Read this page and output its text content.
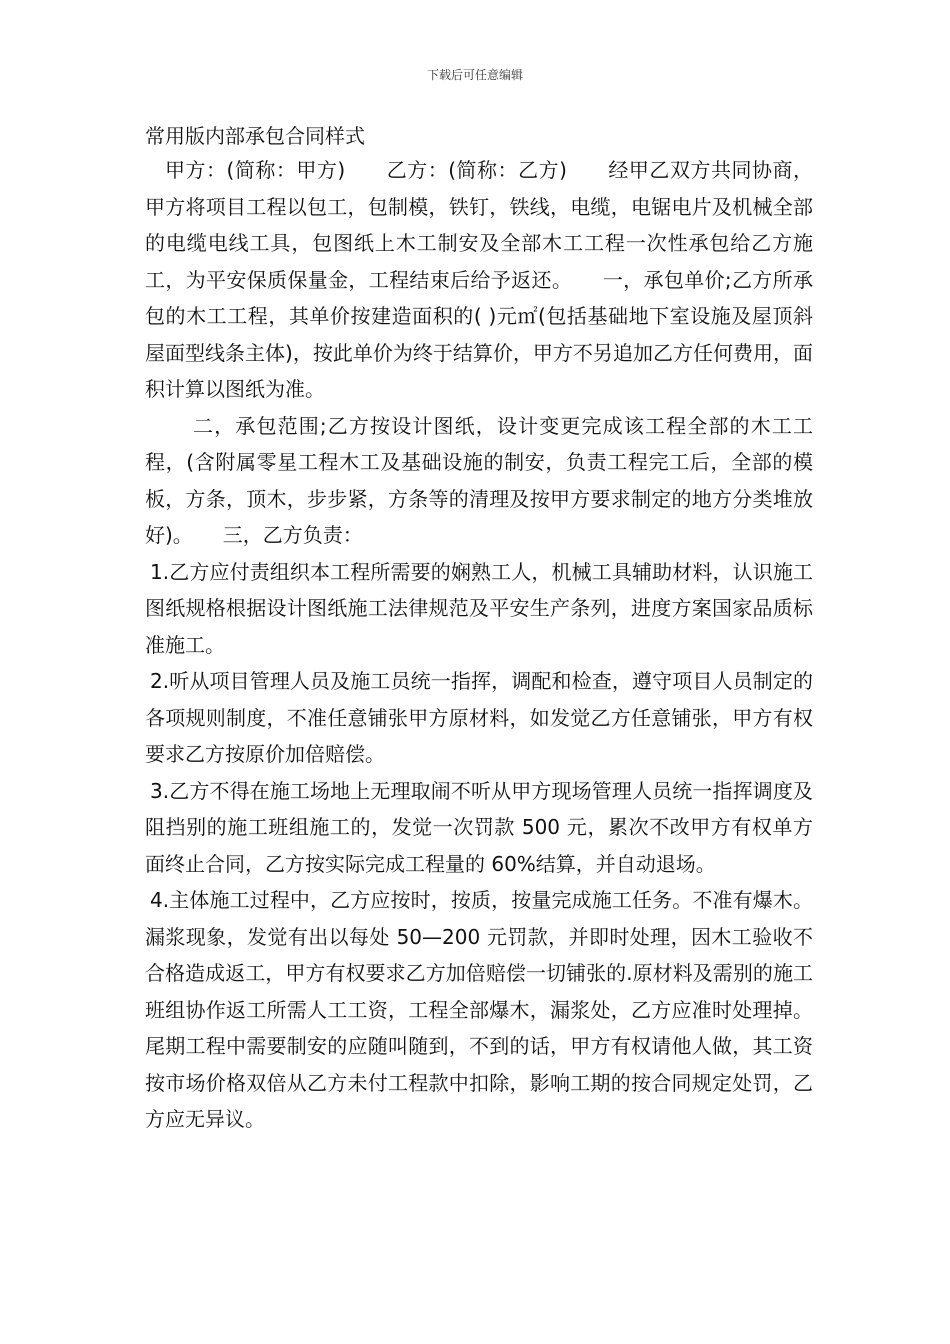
下载后可任意编辑
常用版内部承包合同样式

甲方：(简称：甲方)　　乙方：(简称：乙方)　　经甲乙双方共同协商，甲方将项目工程以包工，包制模，铁钉，铁线，电缆，电锯电片及机械全部的电缆电线工具，包图纸上木工制安及全部木工工程一次性承包给乙方施工，为平安保质保量金，工程结束后给予返还。　　一，承包单价;乙方所承包的木工工程，其单价按建造面积的( )元㎡(包括基础地下室设施及屋顶斜屋面型线条主体)，按此单价为终于结算价，甲方不另追加乙方任何费用，面积计算以图纸为准。

二，承包范围;乙方按设计图纸，设计变更完成该工程全部的木工工程，(含附属零星工程木工及基础设施的制安，负责工程完工后，全部的模板，方条，顶木，步步紧，方条等的清理及按甲方要求制定的地方分类堆放好)。　　三，乙方负责：

1.乙方应付责组织本工程所需要的娴熟工人，机械工具辅助材料，认识施工图纸规格根据设计图纸施工法律规范及平安生产条列，进度方案国家品质标准施工。

2.听从项目管理人员及施工员统一指挥，调配和检查，遵守项目人员制定的各项规则制度，不准任意铺张甲方原材料，如发觉乙方任意铺张，甲方有权要求乙方按原价加倍赔偿。

3.乙方不得在施工场地上无理取闹不听从甲方现场管理人员统一指挥调度及阻挡别的施工班组施工的，发觉一次罚款 500 元，累次不改甲方有权单方面终止合同，乙方按实际完成工程量的 60%结算，并自动退场。

4.主体施工过程中，乙方应按时，按质，按量完成施工任务。不准有爆木。漏浆现象，发觉有出以每处 50—200 元罚款，并即时处理，因木工验收不合格造成返工，甲方有权要求乙方加倍赔偿一切铺张的.原材料及需别的施工班组协作返工所需人工工资，工程全部爆木，漏浆处，乙方应准时处理掉。尾期工程中需要制安的应随叫随到，不到的话，甲方有权请他人做，其工资按市场价格双倍从乙方未付工程款中扣除，影响工期的按合同规定处罚，乙方应无异议。
